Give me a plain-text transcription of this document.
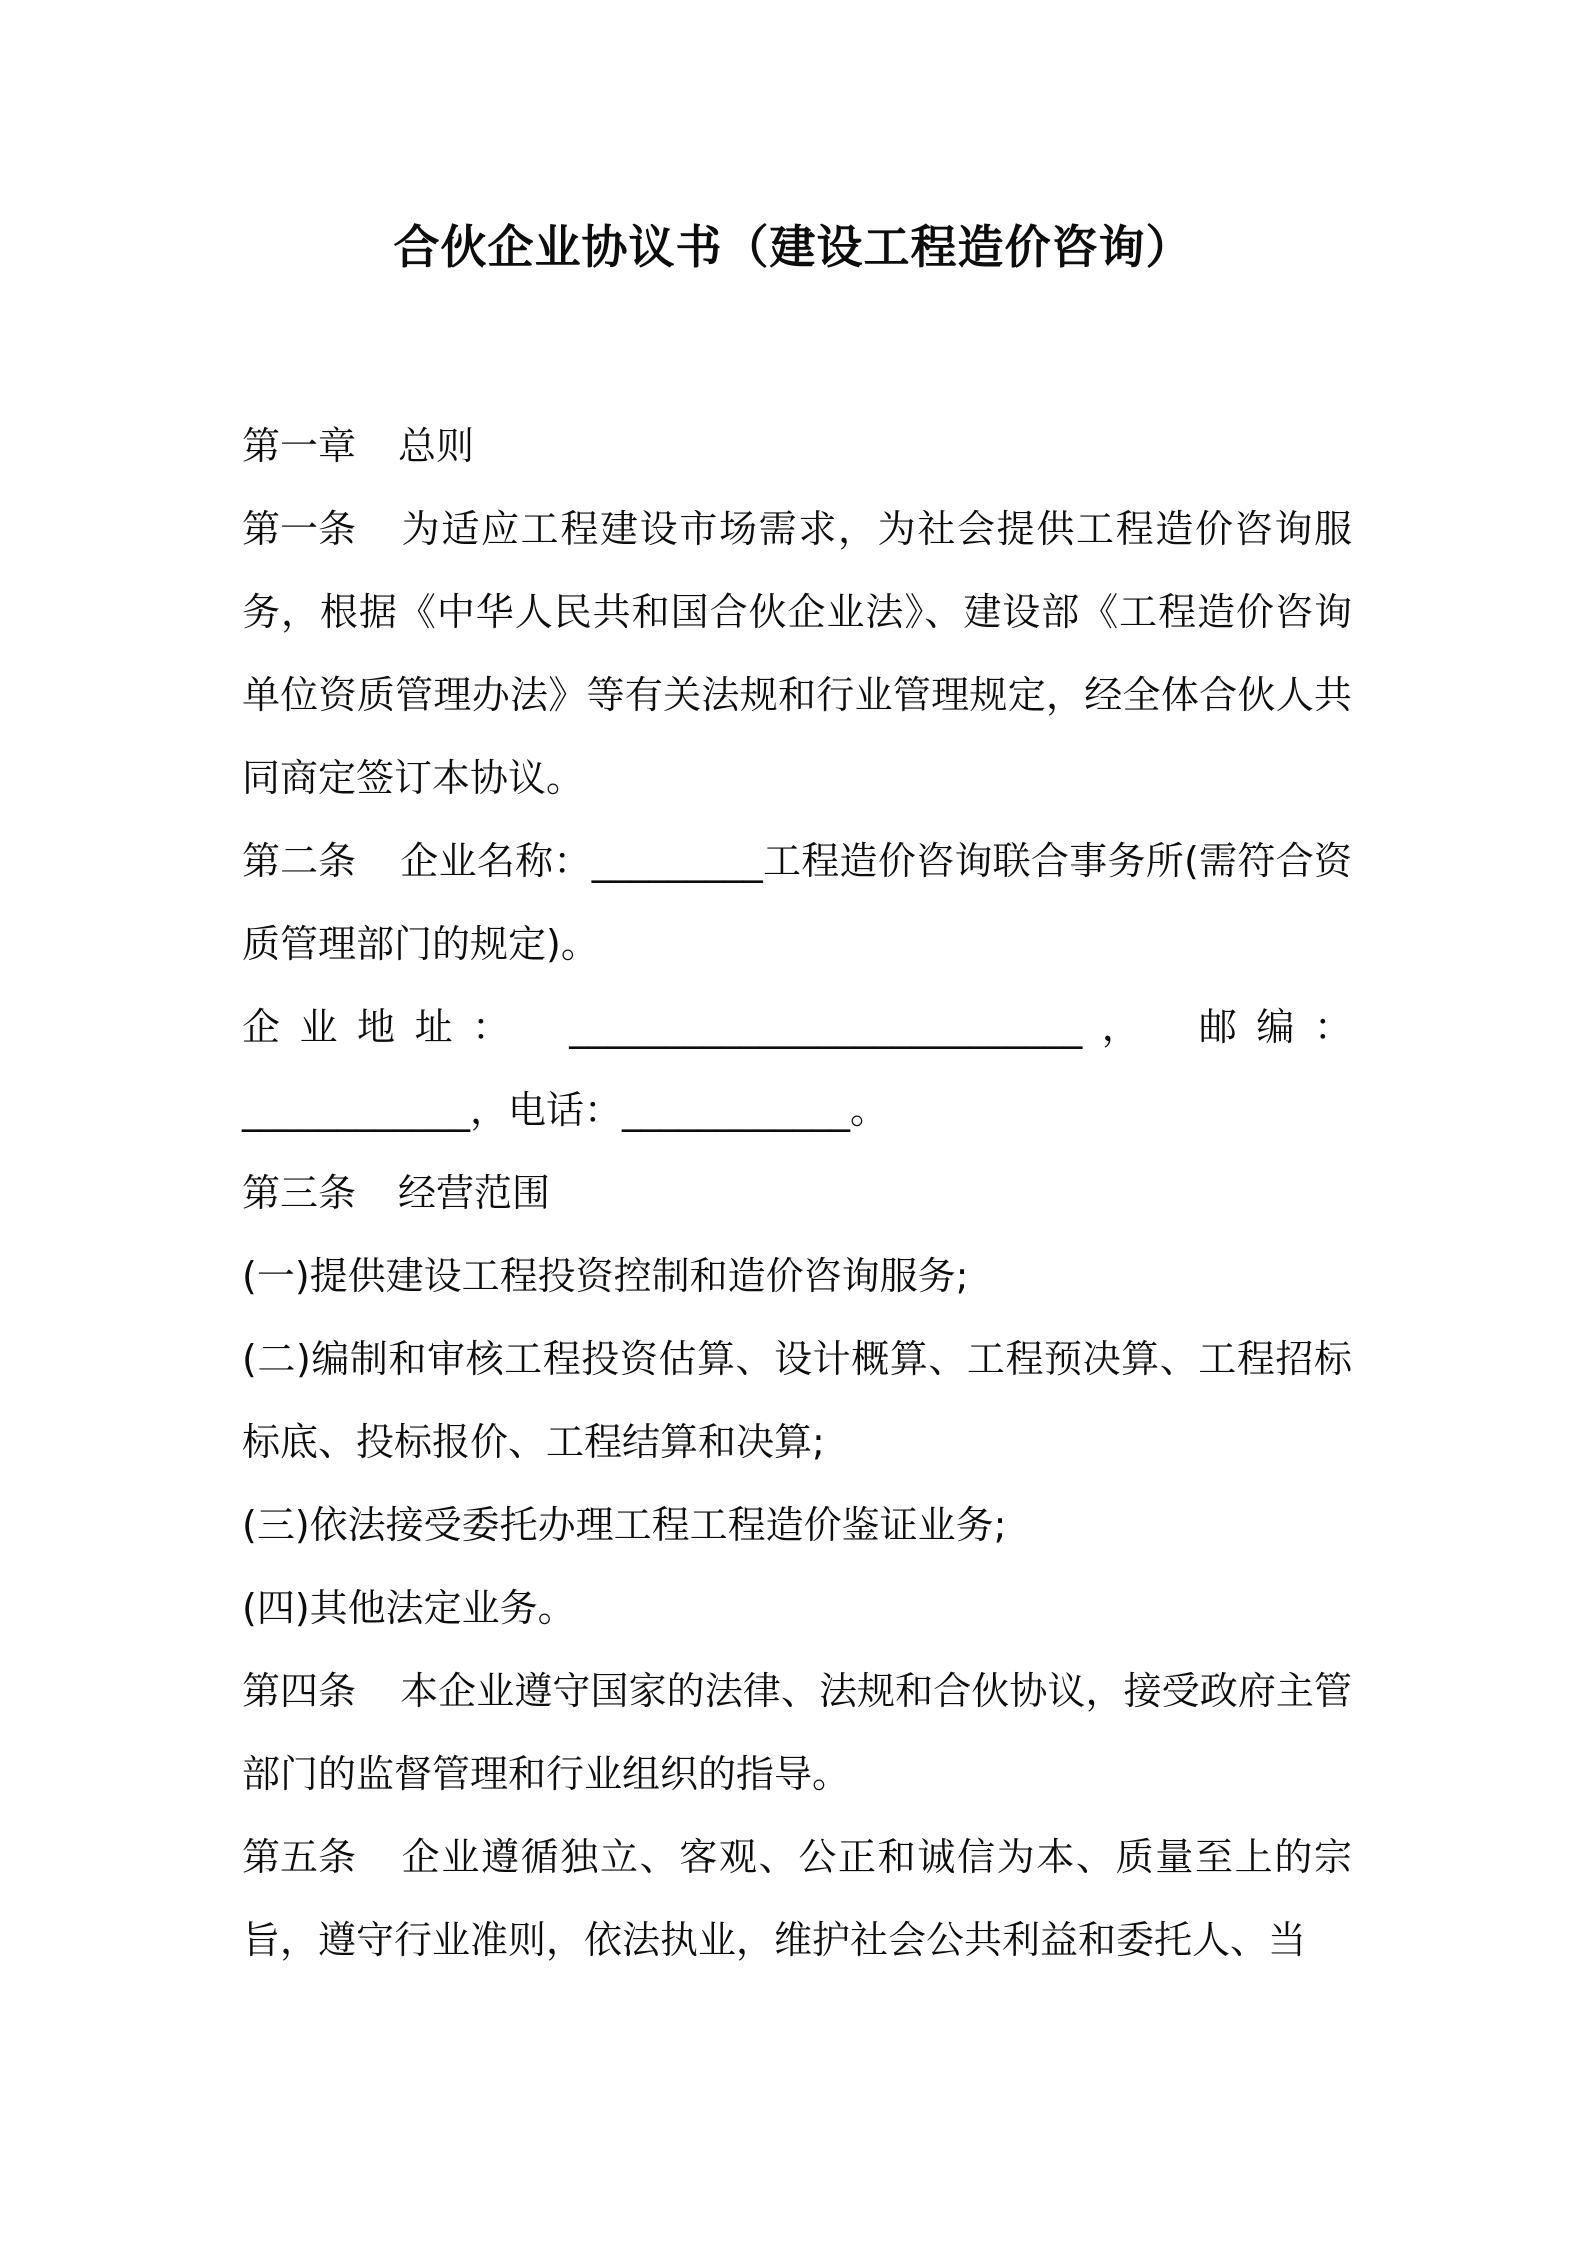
合伙企业协议书（建设工程造价咨询）

第一章 总则

第一条 为适应工程建设市场需求，为社会提供工程造价咨询服务，根据《中华人民共和国合伙企业法》、建设部《工程造价咨询单位资质管理办法》等有关法规和行业管理规定，经全体合伙人共同商定签订本协议。

第二条 企业名称：_________工程造价咨询联合事务所(需符合资质管理部门的规定)。

企业地址： ___________________________， 邮编：

____________，电话：____________。

第三条 经营范围

(一)提供建设工程投资控制和造价咨询服务;

(二)编制和审核工程投资估算、设计概算、工程预决算、工程招标标底、投标报价、工程结算和决算;

(三)依法接受委托办理工程工程造价鉴证业务;

(四)其他法定业务。

第四条 本企业遵守国家的法律、法规和合伙协议，接受政府主管部门的监督管理和行业组织的指导。

第五条 企业遵循独立、客观、公正和诚信为本、质量至上的宗旨，遵守行业准则，依法执业，维护社会公共利益和委托人、当
